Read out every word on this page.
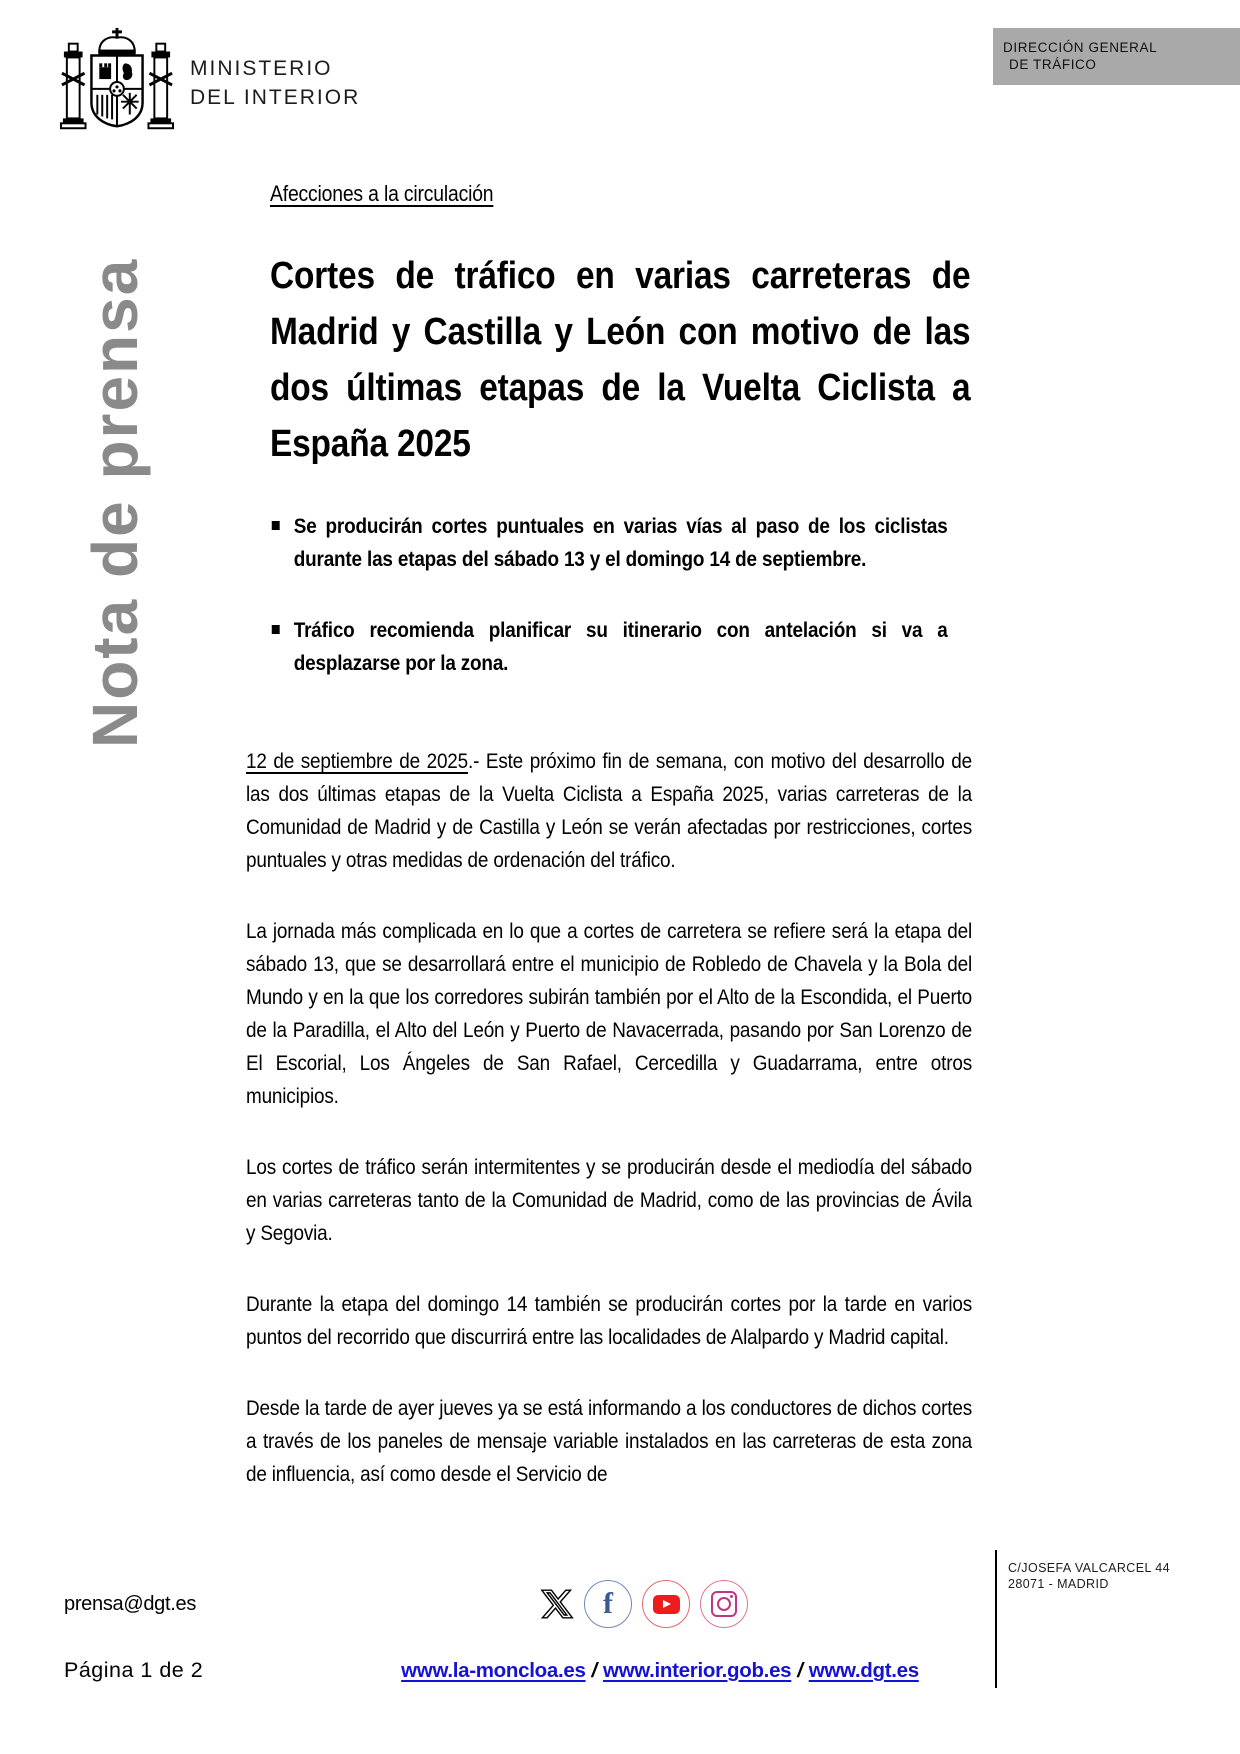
MINISTERIO
DEL INTERIOR
DIRECCIÓN GENERAL
DE TRÁFICO
Nota de prensa
Afecciones a la circulación
Cortes de tráfico en varias carreteras de Madrid y Castilla y León con motivo de las dos últimas etapas de la Vuelta Ciclista a España 2025
Se producirán cortes puntuales en varias vías al paso de los ciclistas durante las etapas del sábado 13 y el domingo 14 de septiembre.
Tráfico recomienda planificar su itinerario con antelación si va a desplazarse por la zona.

12 de septiembre de 2025.- Este próximo fin de semana, con motivo del desarrollo de las dos últimas etapas de la Vuelta Ciclista a España 2025, varias carreteras de la Comunidad de Madrid y de Castilla y León se verán afectadas por restricciones, cortes puntuales y otras medidas de ordenación del tráfico.

La jornada más complicada en lo que a cortes de carretera se refiere será la etapa del sábado 13, que se desarrollará entre el municipio de Robledo de Chavela y la Bola del Mundo y en la que los corredores subirán también por el Alto de la Escondida, el Puerto de la Paradilla, el Alto del León y Puerto de Navacerrada, pasando por San Lorenzo de El Escorial, Los Ángeles de San Rafael, Cercedilla y Guadarrama, entre otros municipios.

Los cortes de tráfico serán intermitentes y se producirán desde el mediodía del sábado en varias carreteras tanto de la Comunidad de Madrid, como de las provincias de Ávila y Segovia.

Durante la etapa del domingo 14 también se producirán cortes por la tarde en varios puntos del recorrido que discurrirá entre las localidades de Alalpardo y Madrid capital.

Desde la tarde de ayer jueves ya se está informando a los conductores de dichos cortes a través de los paneles de mensaje variable instalados en las carreteras de esta zona de influencia, así como desde el Servicio de

prensa@dgt.es
Página 1 de 2
f
www.la-moncloa.es / www.interior.gob.es / www.dgt.es
C/JOSEFA VALCARCEL 44
28071 - MADRID
